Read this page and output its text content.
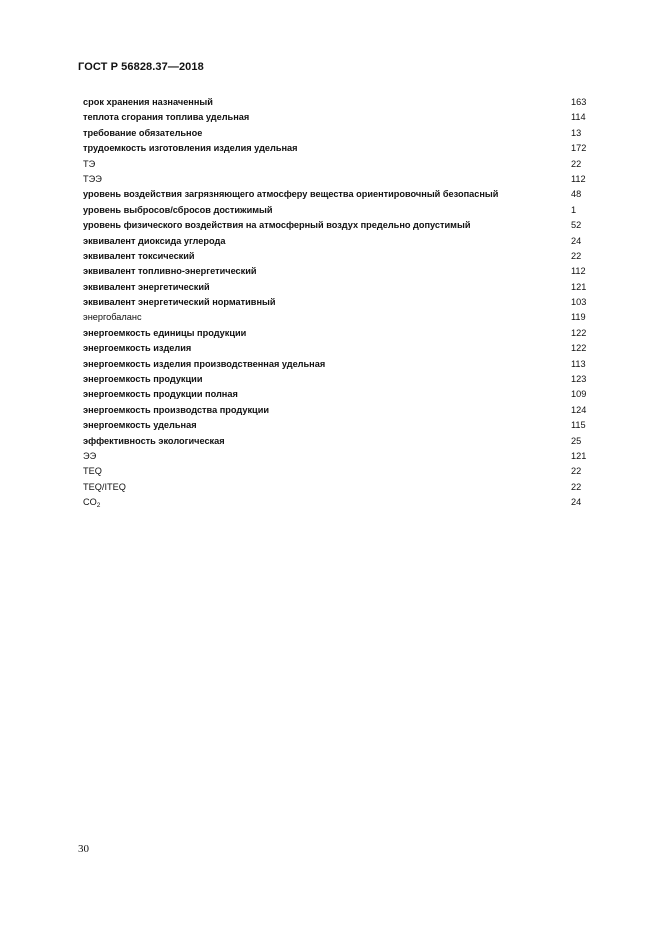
ГОСТ Р 56828.37—2018
срок хранения назначенный	163
теплота сгорания топлива удельная	114
требование обязательное	13
трудоемкость изготовления изделия удельная	172
ТЭ	22
ТЭЭ	112
уровень воздействия загрязняющего атмосферу вещества ориентировочный безопасный	48
уровень выбросов/сбросов достижимый	1
уровень физического воздействия на атмосферный воздух предельно допустимый	52
эквивалент диоксида углерода	24
эквивалент токсический	22
эквивалент топливно-энергетический	112
эквивалент энергетический	121
эквивалент энергетический нормативный	103
энергобаланс	119
энергоемкость единицы продукции	122
энергоемкость изделия	122
энергоемкость изделия производственная удельная	113
энергоемкость продукции	123
энергоемкость продукции полная	109
энергоемкость производства продукции	124
энергоемкость удельная	115
эффективность экологическая	25
ЭЭ	121
TEQ	22
TEQ/ITEQ	22
$CO_2$	24
30
